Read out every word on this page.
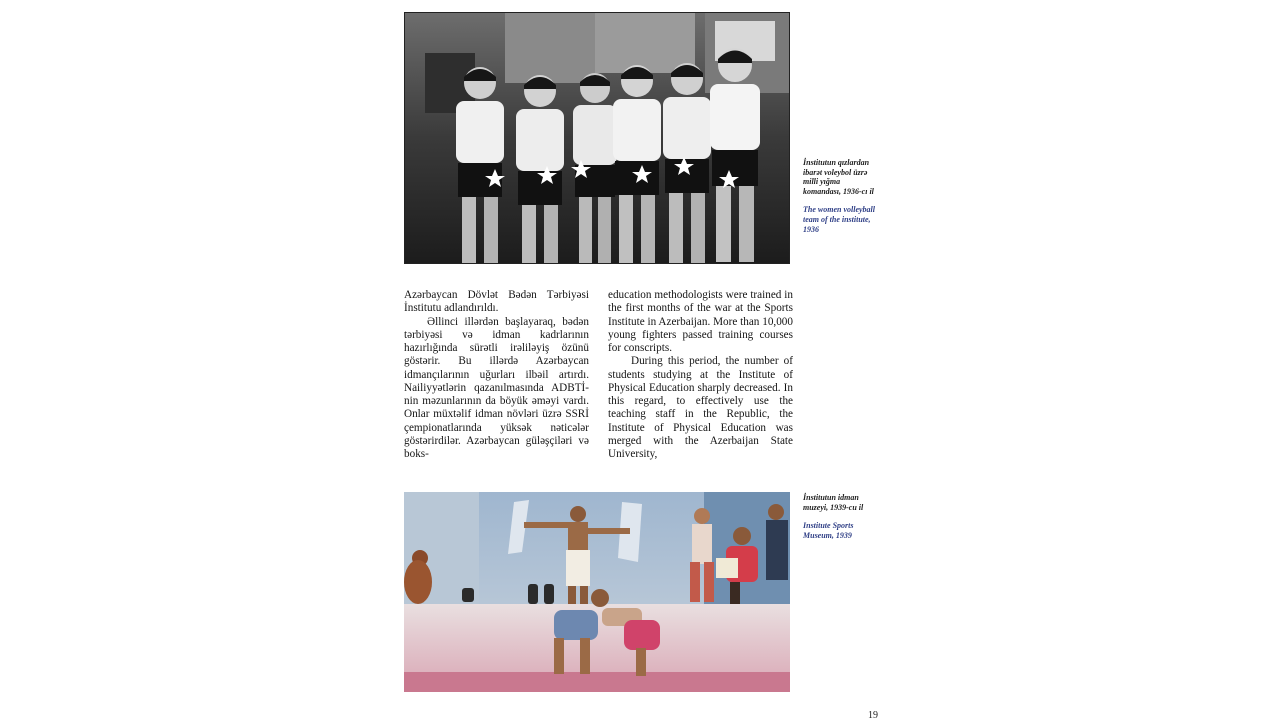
İnstitutun qızlardan ibarət voleybol üzrə milli yığma komandası, 1936-cı il
The women volleyball team of the institute, 1936

Azərbaycan Dövlət Bədən Tərbiyəsi İnstitutu adlandırıldı.

Əllinci illərdən başlayaraq, bədən tərbiyəsi və idman kadrlarının hazırlığında sürətli irəliləyiş özünü göstərir. Bu illərdə Azərbaycan idmançılarının uğurları ilbəil artırdı. Nailiyyətlərin qazanılmasında ADBTİ-nin məzunlarının da böyük əməyi vardı. Onlar müxtəlif idman növləri üzrə SSRİ çempionatlarında yüksək nəticələr göstərirdilər. Azərbaycan güləşçiləri və boks-

education methodologists were trained in the first months of the war at the Sports Institute in Azerbaijan. More than 10,000 young fighters passed training courses for conscripts.

During this period, the number of students studying at the Institute of Physical Education sharply decreased. In this regard, to effectively use the teaching staff in the Republic, the Institute of Physical Education was merged with the Azerbaijan State University,

İnstitutun idman muzeyi, 1939-cu il
Institute Sports Museum, 1939
19
